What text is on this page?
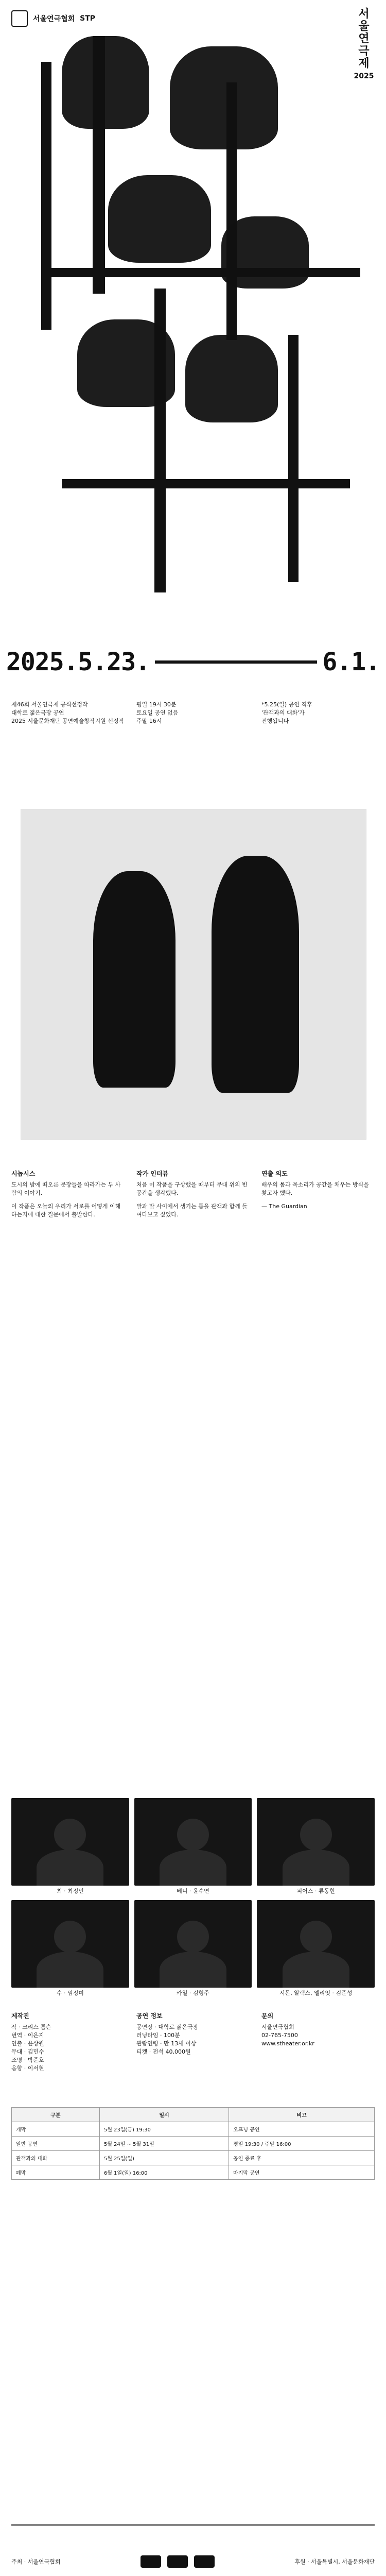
서울연극협회 STP	서울
연극제
2025
2025.5.23.	6.1.
제46회 서울연극제 공식선정작
대학로 젊은극장 공연
2025 서울문화재단 공연예술창작지원 선정작
평일 19시 30분
토요일 공연 없음
주말 16시
*5.25(일) 공연 직후
'관객과의 대화'가
진행됩니다
시놉시스

도시의 밤에 떠오른 문장들을 따라가는 두 사람의 이야기.

이 작품은 오늘의 우리가 서로를 어떻게 이해하는지에 대한 질문에서 출발한다.

작가 인터뷰

처음 이 작품을 구상했을 때부터 무대 위의 빈 공간을 생각했다.

말과 말 사이에서 생기는 틈을 관객과 함께 들여다보고 싶었다.

연출 의도

배우의 몸과 목소리가 공간을 채우는 방식을 찾고자 했다.

— The Guardian

최 · 최정인	베니 · 윤수연	피어스 · 류동현
수 · 임정미	카일 · 김형주	시몬, 알렉스, 엘리엇 · 김준성
제작진
작 · 크리스 톰슨
번역 · 이은지
연출 · 윤상원
무대 · 김민수
조명 · 박준호
음향 · 이서현
공연 정보
공연장 · 대학로 젊은극장
러닝타임 · 100분
관람연령 · 만 13세 이상
티켓 · 전석 40,000원
문의
서울연극협회
02-765-7500
www.stheater.or.kr
구분	일시	비고
개막	5월 23일(금) 19:30	오프닝 공연
일반 공연	5월 24일 ~ 5월 31일	평일 19:30 / 주말 16:00
관객과의 대화	5월 25일(일)	공연 종료 후
폐막	6월 1일(일) 16:00	마지막 공연
주최 · 서울연극협회	후원 · 서울특별시, 서울문화재단
